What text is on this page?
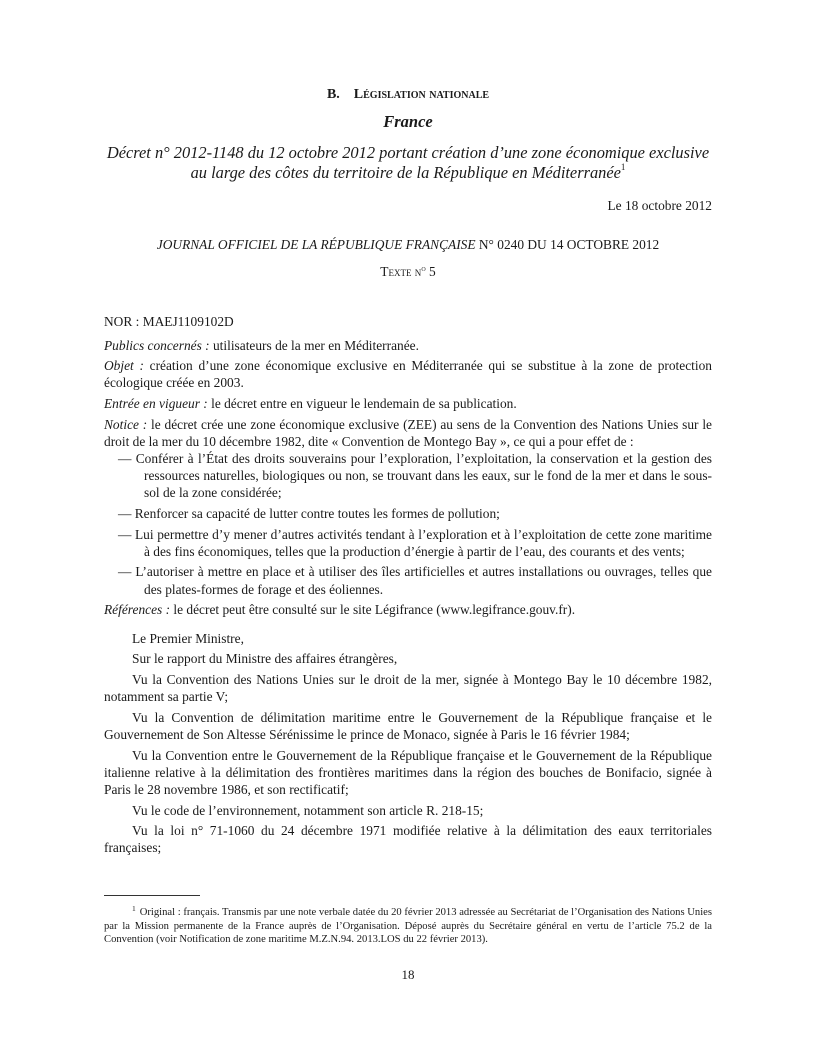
B. Législation nationale
France
Décret n° 2012-1148 du 12 octobre 2012 portant création d’une zone économique exclusive
au large des côtes du territoire de la République en Méditerranée$^1$
Le 18 octobre 2012
JOURNAL OFFICIEL DE LA RÉPUBLIQUE FRANÇAISE N° 0240 DU 14 OCTOBRE 2012
Texte $n^o$ 5

NOR : MAEJ1109102D

Publics concernés : utilisateurs de la mer en Méditerranée.

Objet : création d’une zone économique exclusive en Méditerranée qui se substitue à la zone de protection écologique créée en 2003.

Entrée en vigueur : le décret entre en vigueur le lendemain de sa publication.

Notice : le décret crée une zone économique exclusive (ZEE) au sens de la Convention des Nations Unies sur le droit de la mer du 10 décembre 1982, dite « Convention de Montego Bay », ce qui a pour effet de :

— Conférer à l’État des droits souverains pour l’exploration, l’exploitation, la conservation et la gestion des ressources naturelles, biologiques ou non, se trouvant dans les eaux, sur le fond de la mer et dans le sous-sol de la zone considérée;

— Renforcer sa capacité de lutter contre toutes les formes de pollution;

— Lui permettre d’y mener d’autres activités tendant à l’exploration et à l’exploitation de cette zone maritime à des fins économiques, telles que la production d’énergie à partir de l’eau, des courants et des vents;

— L’autoriser à mettre en place et à utiliser des îles artificielles et autres installations ou ouvrages, telles que des plates-formes de forage et des éoliennes.

Références : le décret peut être consulté sur le site Légifrance (www.legifrance.gouv.fr).

Le Premier Ministre,

Sur le rapport du Ministre des affaires étrangères,

Vu la Convention des Nations Unies sur le droit de la mer, signée à Montego Bay le 10 décembre 1982, notamment sa partie V;

Vu la Convention de délimitation maritime entre le Gouvernement de la République française et le Gouvernement de Son Altesse Sérénissime le prince de Monaco, signée à Paris le 16 février 1984;

Vu la Convention entre le Gouvernement de la République française et le Gouvernement de la République italienne relative à la délimitation des frontières maritimes dans la région des bouches de Bonifacio, signée à Paris le 28 novembre 1986, et son rectificatif;

Vu le code de l’environnement, notamment son article R. 218-15;

Vu la loi n° 71-1060 du 24 décembre 1971 modifiée relative à la délimitation des eaux territoriales françaises;

$^1$ Original : français. Transmis par une note verbale datée du 20 février 2013 adressée au Secrétariat de l’Organisation des Nations Unies par la Mission permanente de la France auprès de l’Organisation. Déposé auprès du Secrétaire général en vertu de l’article 75.2 de la Convention (voir Notification de zone maritime M.Z.N.94. 2013.LOS du 22 février 2013).
18
